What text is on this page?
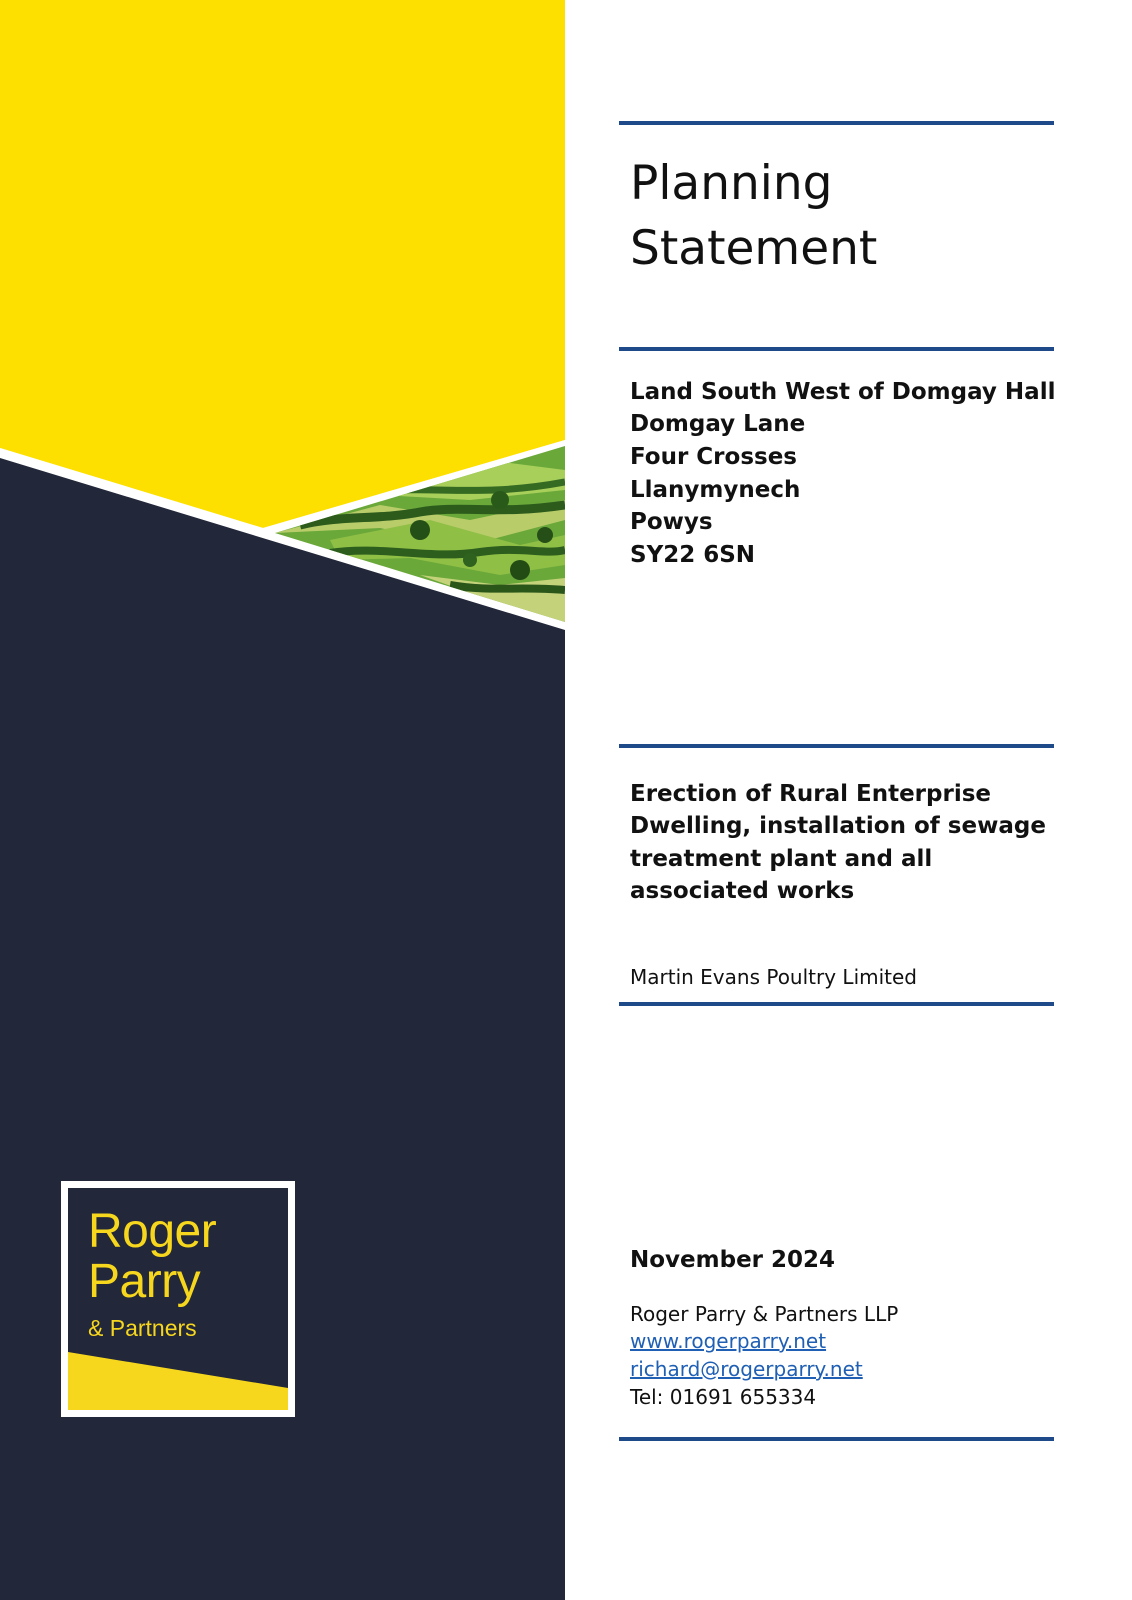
Roger
Parry
& Partners
Planning
Statement
Land South West of Domgay Hall
Domgay Lane
Four Crosses
Llanymynech
Powys
SY22 6SN
Erection of Rural Enterprise
Dwelling, installation of sewage
treatment plant and all
associated works
Martin Evans Poultry Limited
November 2024
Roger Parry & Partners LLP
www.rogerparry.net
richard@rogerparry.net
Tel: 01691 655334
